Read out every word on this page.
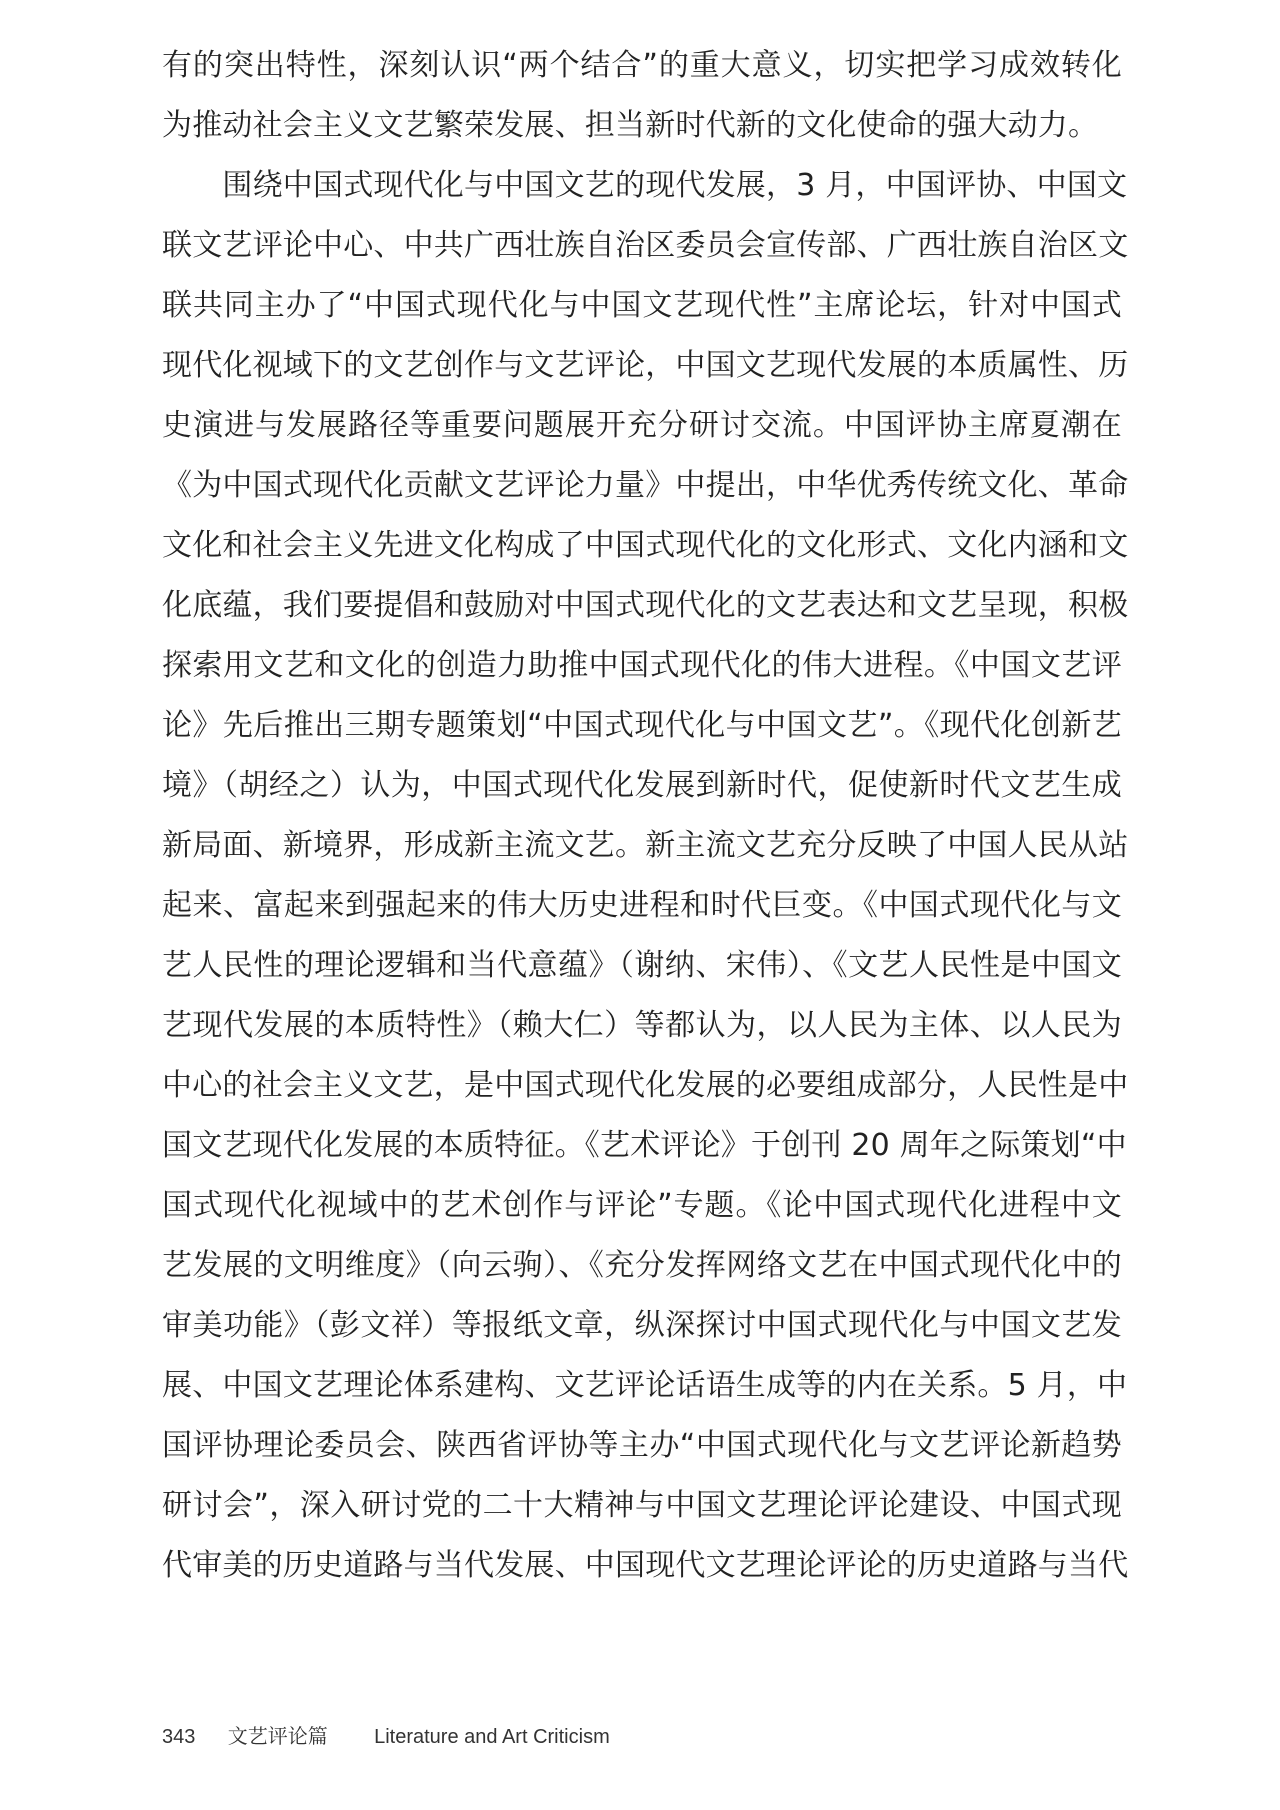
有的突出特性，深刻认识“两个结合”的重大意义，切实把学习成效转化
为推动社会主义文艺繁荣发展、担当新时代新的文化使命的强大动力。
　　围绕中国式现代化与中国文艺的现代发展，3 月，中国评协、中国文
联文艺评论中心、中共广西壮族自治区委员会宣传部、广西壮族自治区文
联共同主办了“中国式现代化与中国文艺现代性”主席论坛，针对中国式
现代化视域下的文艺创作与文艺评论，中国文艺现代发展的本质属性、历
史演进与发展路径等重要问题展开充分研讨交流。中国评协主席夏潮在
《为中国式现代化贡献文艺评论力量》中提出，中华优秀传统文化、革命
文化和社会主义先进文化构成了中国式现代化的文化形式、文化内涵和文
化底蕴，我们要提倡和鼓励对中国式现代化的文艺表达和文艺呈现，积极
探索用文艺和文化的创造力助推中国式现代化的伟大进程。《中国文艺评
论》先后推出三期专题策划“中国式现代化与中国文艺”。《现代化创新艺
境》（胡经之）认为，中国式现代化发展到新时代，促使新时代文艺生成
新局面、新境界，形成新主流文艺。新主流文艺充分反映了中国人民从站
起来、富起来到强起来的伟大历史进程和时代巨变。《中国式现代化与文
艺人民性的理论逻辑和当代意蕴》（谢纳、宋伟）、《文艺人民性是中国文
艺现代发展的本质特性》（赖大仁）等都认为，以人民为主体、以人民为
中心的社会主义文艺，是中国式现代化发展的必要组成部分，人民性是中
国文艺现代化发展的本质特征。《艺术评论》于创刊 20 周年之际策划“中
国式现代化视域中的艺术创作与评论”专题。《论中国式现代化进程中文
艺发展的文明维度》（向云驹）、《充分发挥网络文艺在中国式现代化中的
审美功能》（彭文祥）等报纸文章，纵深探讨中国式现代化与中国文艺发
展、中国文艺理论体系建构、文艺评论话语生成等的内在关系。5 月，中
国评协理论委员会、陕西省评协等主办“中国式现代化与文艺评论新趋势
研讨会”，深入研讨党的二十大精神与中国文艺理论评论建设、中国式现
代审美的历史道路与当代发展、中国现代文艺理论评论的历史道路与当代
343 文艺评论篇 Literature and Art Criticism
